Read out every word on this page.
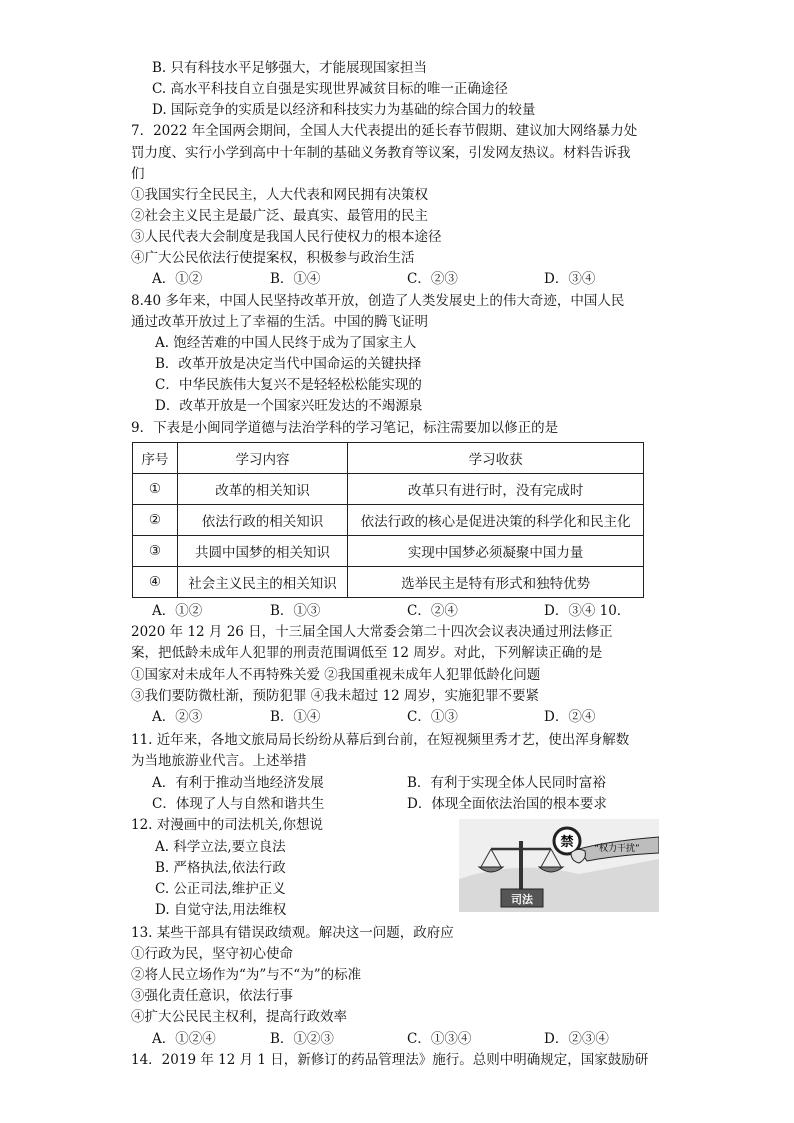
B. 只有科技水平足够强大，才能展现国家担当
C. 高水平科技自立自强是实现世界减贫目标的唯一正确途径
D. 国际竞争的实质是以经济和科技实力为基础的综合国力的较量
7．2022 年全国两会期间，全国人大代表提出的延长春节假期、建议加大网络暴力处
罚力度、实行小学到高中十年制的基础义务教育等议案，引发网友热议。材料告诉我
们
①我国实行全民民主，人大代表和网民拥有决策权
②社会主义民主是最广泛、最真实、最管用的民主
③人民代表大会制度是我国人民行使权力的根本途径
④广大公民依法行使提案权，积极参与政治生活
A．①②	B．①④	C．②③	D．③④
8.40 多年来，中国人民坚持改革开放，创造了人类发展史上的伟大奇迹，中国人民
通过改革开放过上了幸福的生活。中国的腾飞证明
A. 饱经苦难的中国人民终于成为了国家主人
B．改革开放是决定当代中国命运的关键抉择
C．中华民族伟大复兴不是轻轻松松能实现的
D．改革开放是一个国家兴旺发达的不竭源泉
9．下表是小闽同学道德与法治学科的学习笔记，标注需要加以修正的是
序号	学习内容	学习收获
①	改革的相关知识	改革只有进行时，没有完成时
②	依法行政的相关知识	依法行政的核心是促进决策的科学化和民主化
③	共圆中国梦的相关知识	实现中国梦必须凝聚中国力量
④	社会主义民主的相关知识	选举民主是特有形式和独特优势
A．①②	B．①③	C．②④	D．③④ 10．
2020 年 12 月 26 日，十三届全国人大常委会第二十四次会议表决通过刑法修正
案，把低龄未成年人犯罪的刑责范围调低至 12 周岁。对此，下列解读正确的是
①国家对未成年人不再特殊关爱 ②我国重视未成年人犯罪低龄化问题
③我们要防微杜渐，预防犯罪 ④我未超过 12 周岁，实施犯罪不要紧
A．②③	B．①④	C．①③	D．②④
11. 近年来，各地文旅局局长纷纷从幕后到台前，在短视频里秀才艺，使出浑身解数
为当地旅游业代言。上述举措
A．有利于推动当地经济发展	B．有利于实现全体人民同时富裕
C．体现了人与自然和谐共生	D．体现全面依法治国的根本要求
12. 对漫画中的司法机关,你想说
A. 科学立法,要立良法
B. 严格执法,依法行政
C. 公正司法,维护正义
D. 自觉守法,用法维权
司法
禁 “权力干扰”
13. 某些干部具有错误政绩观。解决这一问题，政府应
①行政为民，坚守初心使命
②将人民立场作为“为”与不“为”的标准
③强化责任意识，依法行事
④扩大公民民主权利，提高行政效率
A．①②④	B．①②③	C．①③④	D．②③④
14．2019 年 12 月 1 日，新修订的药品管理法》施行。总则中明确规定，国家鼓励研
